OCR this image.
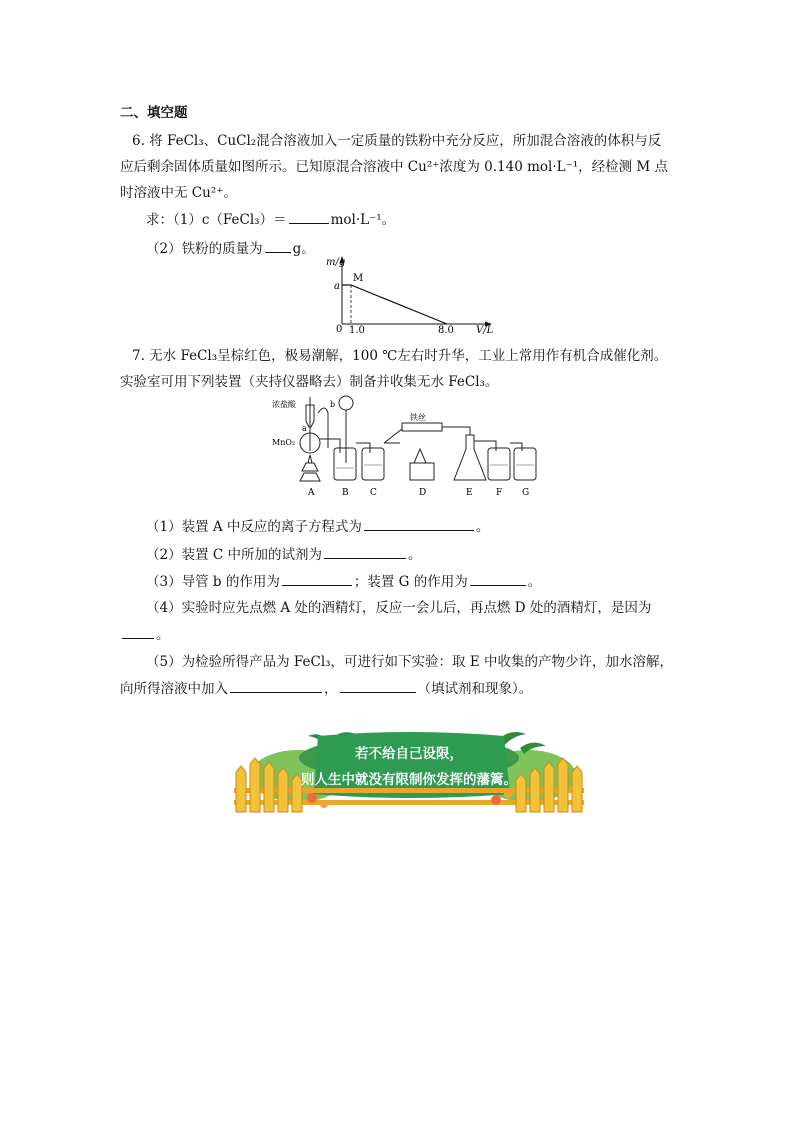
二、填空题
6. 将 FeCl₃、CuCl₂混合溶液加入一定质量的铁粉中充分反应，所加混合溶液的体积与反
应后剩余固体质量如图所示。已知原混合溶液中 Cu²⁺浓度为 0.140 mol·L⁻¹，经检测 M 点
时溶液中无 Cu²⁺。
求：（1）c（FeCl₃）＝	mol·L⁻¹。
（2）铁粉的质量为 g。
m/g
a
M
0 1.0	8.0 V/L
7. 无水 FeCl₃呈棕红色，极易潮解，100 ℃左右时升华，工业上常用作有机合成催化剂。
实验室可用下列装置（夹持仪器略去）制备并收集无水 FeCl₃。
浓盐酸
MnO₂
a
b
铁丝
A	B C	D	E	F G
（1）装置 A 中反应的离子方程式为	。
（2）装置 C 中所加的试剂为	。
（3）导管 b 的作用为	；装置 G 的作用为	。
（4）实验时应先点燃 A 处的酒精灯，反应一会儿后，再点燃 D 处的酒精灯，是因为
。
（5）为检验所得产品为 FeCl₃，可进行如下实验：取 E 中收集的产物少许，加水溶解，
向所得溶液中加入	，	（填试剂和现象）。
若不给自己设限，
则人生中就没有限制你发挥的藩篱。
